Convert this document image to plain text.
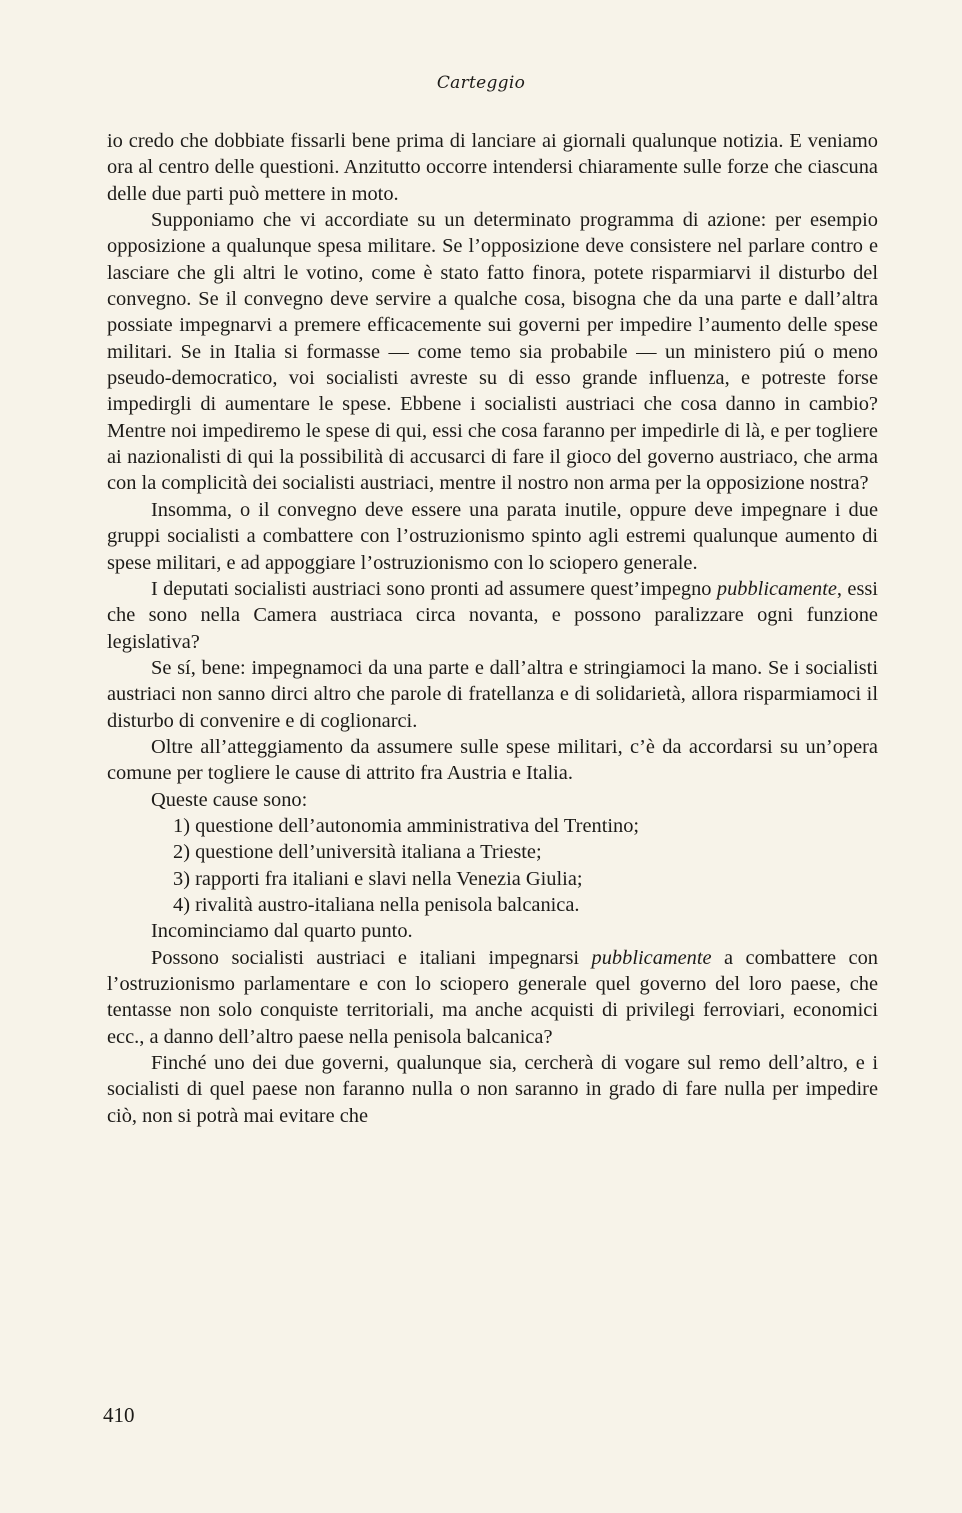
Carteggio

io credo che dobbiate fissarli bene prima di lanciare ai giornali qualunque notizia. E veniamo ora al centro delle questioni. Anzitutto occorre intendersi chiaramente sulle forze che ciascuna delle due parti può mettere in moto.

Supponiamo che vi accordiate su un determinato programma di azione: per esempio opposizione a qualunque spesa militare. Se l’opposizione deve consistere nel parlare contro e lasciare che gli altri le votino, come è stato fatto finora, potete risparmiarvi il disturbo del convegno. Se il convegno deve servire a qualche cosa, bisogna che da una parte e dall’altra possiate impegnarvi a premere efficacemente sui governi per impedire l’aumento delle spese militari. Se in Italia si formasse — come temo sia probabile — un ministero piú o meno pseudo-democratico, voi socialisti avreste su di esso grande influenza, e potreste forse impedirgli di aumentare le spese. Ebbene i socialisti austriaci che cosa danno in cambio? Mentre noi impediremo le spese di qui, essi che cosa faranno per impedirle di là, e per togliere ai nazionalisti di qui la possibilità di accusarci di fare il gioco del governo austriaco, che arma con la complicità dei socialisti austriaci, mentre il nostro non arma per la opposizione nostra?

Insomma, o il convegno deve essere una parata inutile, oppure deve impegnare i due gruppi socialisti a combattere con l’ostruzionismo spinto agli estremi qualunque aumento di spese militari, e ad appoggiare l’ostruzionismo con lo sciopero generale.

I deputati socialisti austriaci sono pronti ad assumere quest’impegno pubblicamente, essi che sono nella Camera austriaca circa novanta, e possono paralizzare ogni funzione legislativa?

Se sí, bene: impegnamoci da una parte e dall’altra e stringiamoci la mano. Se i socialisti austriaci non sanno dirci altro che parole di fratellanza e di solidarietà, allora risparmiamoci il disturbo di convenire e di coglionarci.

Oltre all’atteggiamento da assumere sulle spese militari, c’è da accordarsi su un’opera comune per togliere le cause di attrito fra Austria e Italia.

Queste cause sono:

1) questione dell’autonomia amministrativa del Trentino;

2) questione dell’università italiana a Trieste;

3) rapporti fra italiani e slavi nella Venezia Giulia;

4) rivalità austro-italiana nella penisola balcanica.

Incominciamo dal quarto punto.

Possono socialisti austriaci e italiani impegnarsi pubblicamente a combattere con l’ostruzionismo parlamentare e con lo sciopero generale quel governo del loro paese, che tentasse non solo conquiste territoriali, ma anche acquisti di privilegi ferroviari, economici ecc., a danno dell’altro paese nella penisola balcanica?

Finché uno dei due governi, qualunque sia, cercherà di vogare sul remo dell’altro, e i socialisti di quel paese non faranno nulla o non saranno in grado di fare nulla per impedire ciò, non si potrà mai evitare che

410
